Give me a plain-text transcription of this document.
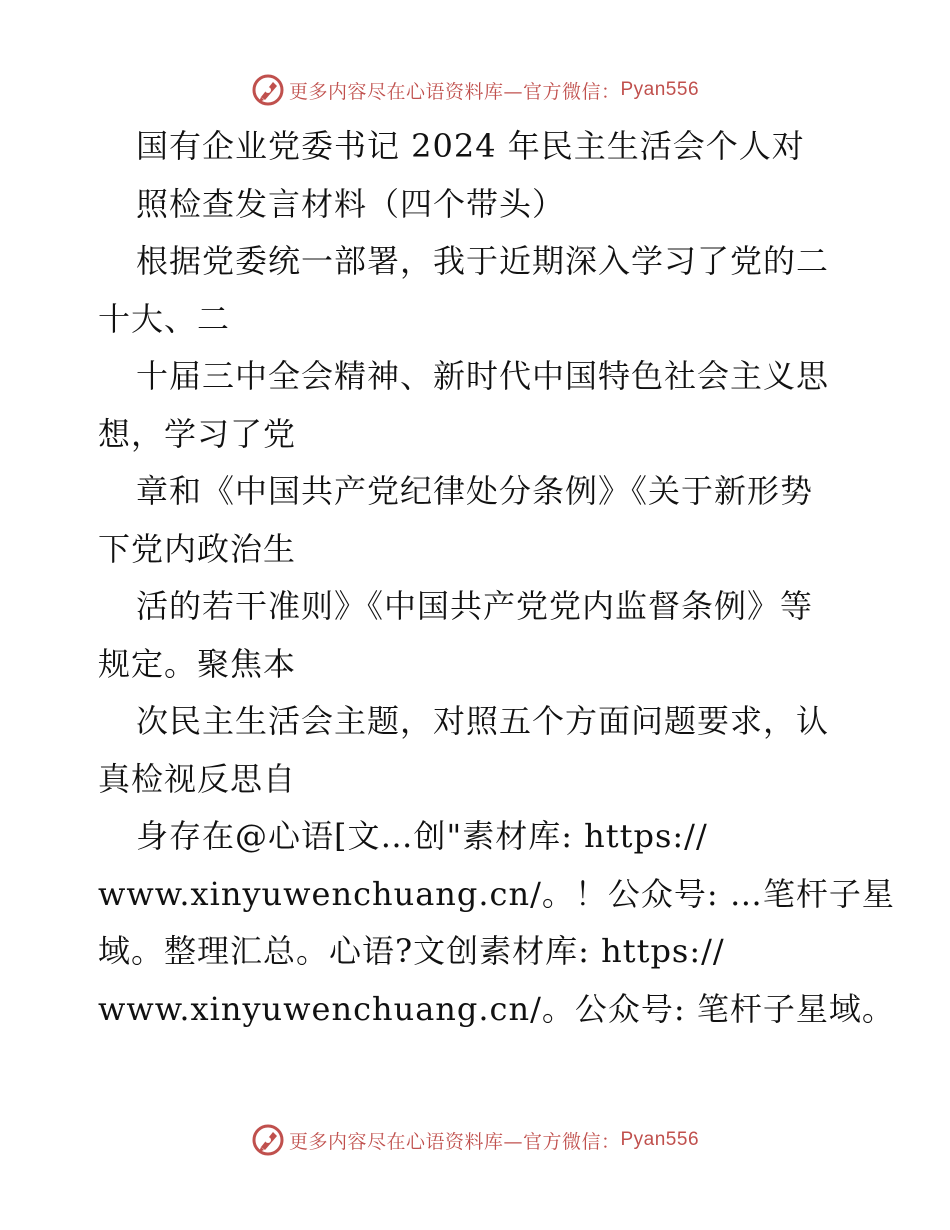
更多内容尽在心语资料库—官方微信： Pyan556
国有企业党委书记 2024 年民主生活会个人对
照检查发言材料（四个带头）
根据党委统一部署，我于近期深入学习了党的二
十大、二
十届三中全会精神、新时代中国特色社会主义思
想，学习了党
章和《中国共产党纪律处分条例》《关于新形势
下党内政治生
活的若干准则》《中国共产党党内监督条例》等
规定。聚焦本
次民主生活会主题，对照五个方面问题要求，认
真检视反思自
身存在@心语[文…创"素材库: https://
www.xinyuwenchuang.cn/。！公众号: …笔杆子星
域。整理汇总。心语?文创素材库: https://
www.xinyuwenchuang.cn/。公众号: 笔杆子星域。
更多内容尽在心语资料库—官方微信： Pyan556
